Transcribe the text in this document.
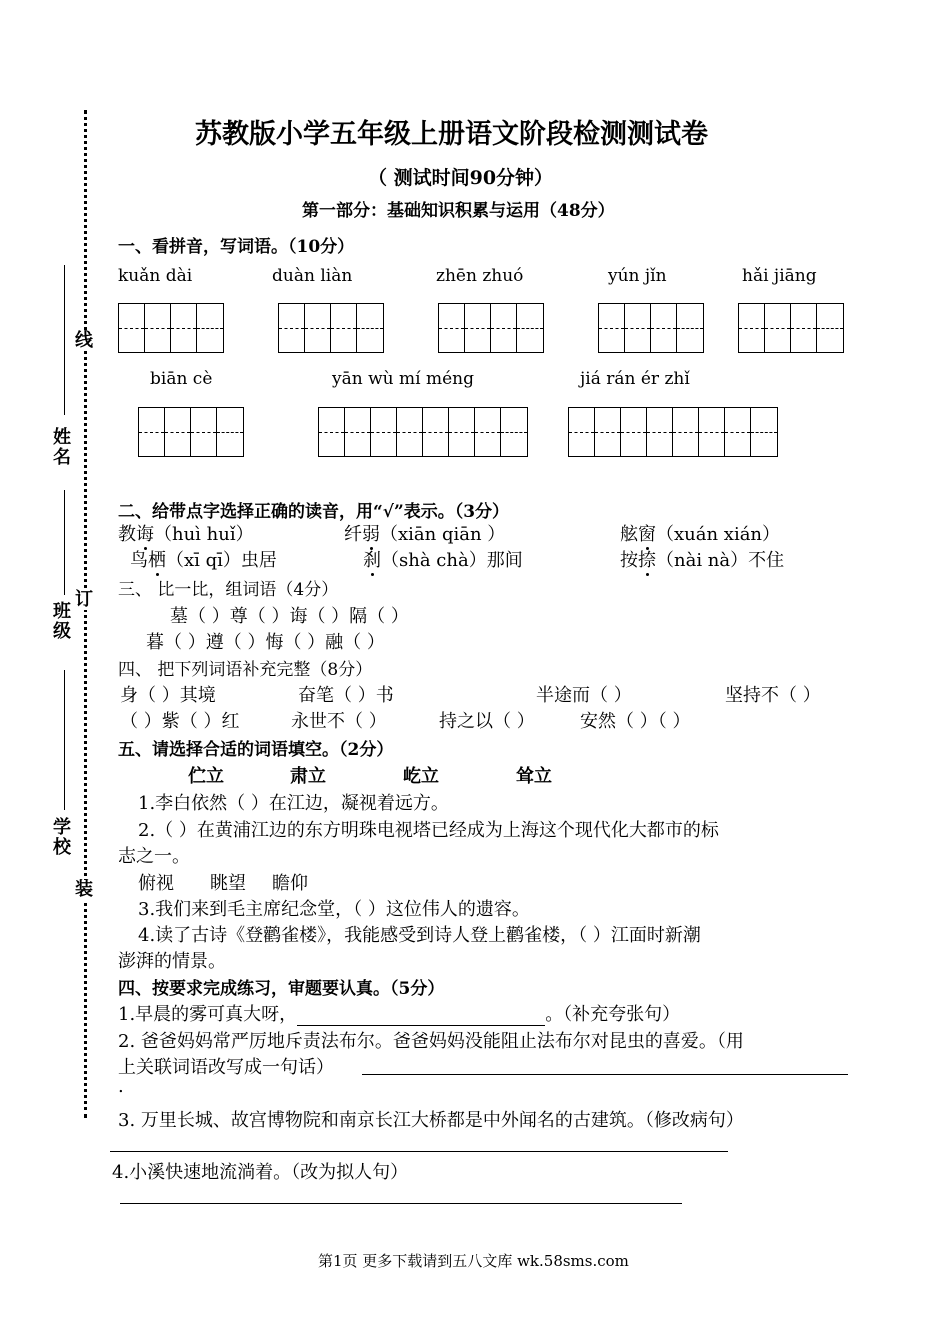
姓名
班级
学校
线
订
装
苏教版小学五年级上册语文阶段检测测试卷
（ 测试时间90分钟）
第一部分：基础知识积累与运用（48分）
一、看拼音，写词语。（10分）
kuǎn dài	duàn liàn	zhēn zhuó	yún jǐn	hǎi jiāng
biān cè	yān wù mí méng	jiá rán ér zhǐ
二、给带点字选择正确的读音，用“√”表示。（3分）
教诲（huì huǐ）	纤弱（xiān qiān ）	舷窗（xuán xián）
鸟栖（xī qī）虫居	刹（shà chà）那间	按捺（nài nà）不住
三、 比一比，组词语（4分）
墓（ ）尊（ ）诲（ ）隔（ ）
暮（ ）遵（ ）悔（ ）融（ ）
四、 把下列词语补充完整（8分）
身（ ）其境	奋笔（ ）书	半途而（ ）	坚持不（ ）
（ ）紫（ ）红	永世不（ ）	持之以（ ）	安然（ ）（ ）
五、请选择合适的词语填空。（2分）
伫立	肃立	屹立	耸立
1.李白依然（ ）在江边，凝视着远方。
2.（ ）在黄浦江边的东方明珠电视塔已经成为上海这个现代化大都市的标
志之一。
俯视 眺望 瞻仰
3.我们来到毛主席纪念堂，（ ）这位伟人的遗容。
4.读了古诗《登鹳雀楼》，我能感受到诗人登上鹳雀楼，（ ）江面时新潮
澎湃的情景。
四、按要求完成练习，审题要认真。（5分）
1.早晨的雾可真大呀，	。（补充夸张句）
2. 爸爸妈妈常严厉地斥责法布尔。爸爸妈妈没能阻止法布尔对昆虫的喜爱。（用
上关联词语改写成一句话）
.
3. 万里长城、故宫博物院和南京长江大桥都是中外闻名的古建筑。（修改病句）
4.小溪快速地流淌着。（改为拟人句）
第1页 更多下载请到五八文库 wk.58sms.com
